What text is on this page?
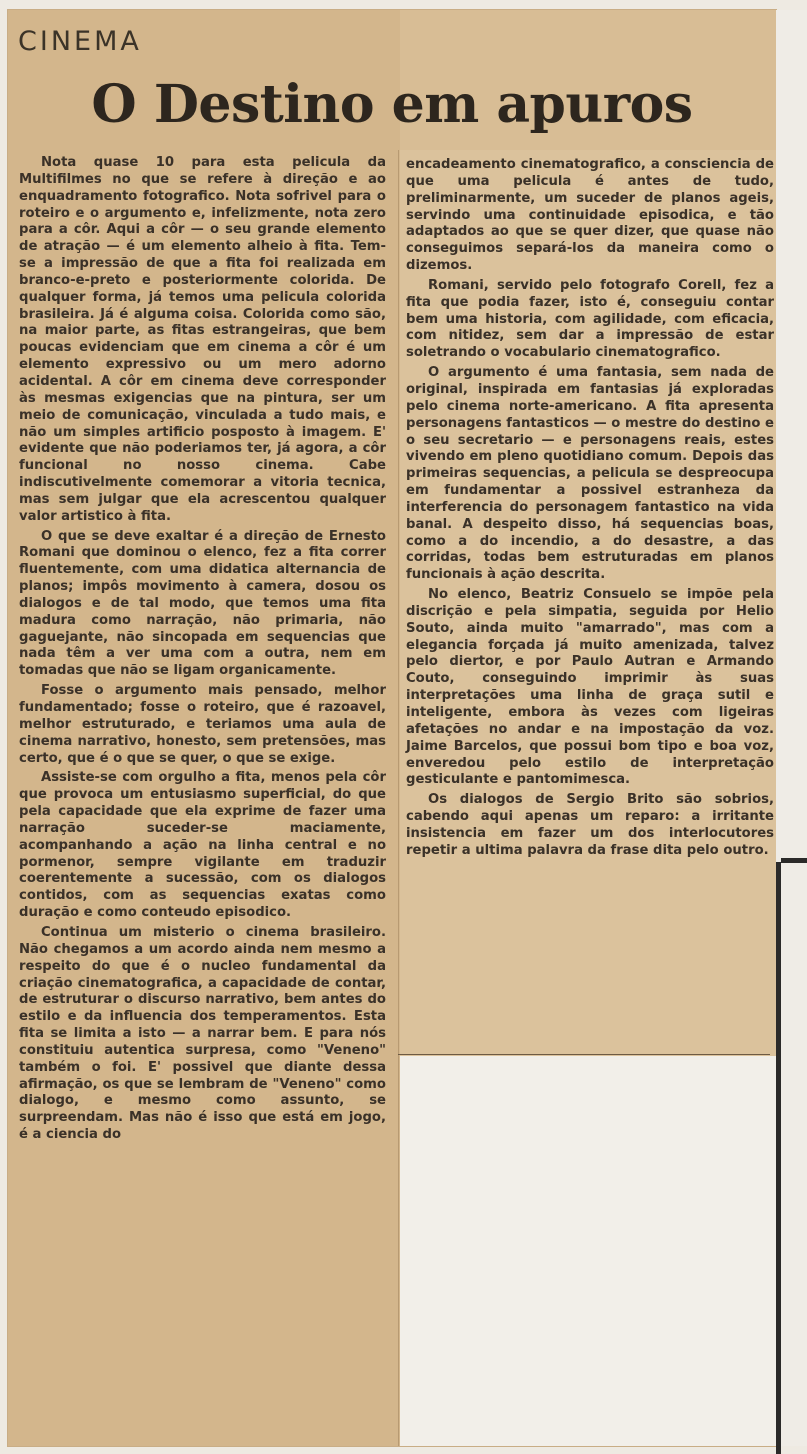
CINEMA
O Destino em apuros

Nota quase 10 para esta pelicula da Multifilmes no que se refere à direção e ao enquadramento fotografico. Nota sofrivel para o roteiro e o argumento e, infelizmente, nota zero para a côr. Aqui a côr — o seu grande elemento de atração — é um elemento alheio à fita. Tem-se a impressão de que a fita foi realizada em branco-e-preto e posteriormente colorida. De qualquer forma, já temos uma pelicula colorida brasileira. Já é alguma coisa. Colorida como são, na maior parte, as fitas estrangeiras, que bem poucas evidenciam que em cinema a côr é um elemento expressivo ou um mero adorno acidental. A côr em cinema deve corresponder às mesmas exigencias que na pintura, ser um meio de comunicação, vinculada a tudo mais, e não um simples artificio posposto à imagem. E' evidente que não poderiamos ter, já agora, a côr funcional no nosso cinema. Cabe indiscutivelmente comemorar a vitoria tecnica, mas sem julgar que ela acrescentou qualquer valor artistico à fita.

O que se deve exaltar é a direção de Ernesto Romani que dominou o elenco, fez a fita correr fluentemente, com uma didatica alternancia de planos; impôs movimento à camera, dosou os dialogos e de tal modo, que temos uma fita madura como narração, não primaria, não gaguejante, não sincopada em sequencias que nada têm a ver uma com a outra, nem em tomadas que não se ligam organicamente.

Fosse o argumento mais pensado, melhor fundamentado; fosse o roteiro, que é razoavel, melhor estruturado, e teriamos uma aula de cinema narrativo, honesto, sem pretensões, mas certo, que é o que se quer, o que se exige.

Assiste-se com orgulho a fita, menos pela côr que provoca um entusiasmo superficial, do que pela capacidade que ela exprime de fazer uma narração suceder-se maciamente, acompanhando a ação na linha central e no pormenor, sempre vigilante em traduzir coerentemente a sucessão, com os dialogos contidos, com as sequencias exatas como duração e como conteudo episodico.

Continua um misterio o cinema brasileiro. Não chegamos a um acordo ainda nem mesmo a respeito do que é o nucleo fundamental da criação cinematografica, a capacidade de contar, de estruturar o discurso narrativo, bem antes do estilo e da influencia dos temperamentos. Esta fita se limita a isto — a narrar bem. E para nós constituiu autentica surpresa, como "Veneno" também o foi. E' possivel que diante dessa afirmação, os que se lembram de "Veneno" como dialogo, e mesmo como assunto, se surpreendam. Mas não é isso que está em jogo, é a ciencia do

encadeamento cinematografico, a consciencia de que uma pelicula é antes de tudo, preliminarmente, um suceder de planos ageis, servindo uma continuidade episodica, e tão adaptados ao que se quer dizer, que quase não conseguimos separá-los da maneira como o dizemos.

Romani, servido pelo fotografo Corell, fez a fita que podia fazer, isto é, conseguiu contar bem uma historia, com agilidade, com eficacia, com nitidez, sem dar a impressão de estar soletrando o vocabulario cinematografico.

O argumento é uma fantasia, sem nada de original, inspirada em fantasias já exploradas pelo cinema norte-americano. A fita apresenta personagens fantasticos — o mestre do destino e o seu secretario — e personagens reais, estes vivendo em pleno quotidiano comum. Depois das primeiras sequencias, a pelicula se despreocupa em fundamentar a possivel estranheza da interferencia do personagem fantastico na vida banal. A despeito disso, há sequencias boas, como a do incendio, a do desastre, a das corridas, todas bem estruturadas em planos funcionais à ação descrita.

No elenco, Beatriz Consuelo se impõe pela discrição e pela simpatia, seguida por Helio Souto, ainda muito "amarrado", mas com a elegancia forçada já muito amenizada, talvez pelo diertor, e por Paulo Autran e Armando Couto, conseguindo imprimir às suas interpretações uma linha de graça sutil e inteligente, embora às vezes com ligeiras afetações no andar e na impostação da voz. Jaime Barcelos, que possui bom tipo e boa voz, enveredou pelo estilo de interpretação gesticulante e pantomimesca.

Os dialogos de Sergio Brito são sobrios, cabendo aqui apenas um reparo: a irritante insistencia em fazer um dos interlocutores repetir a ultima palavra da frase dita pelo outro.
